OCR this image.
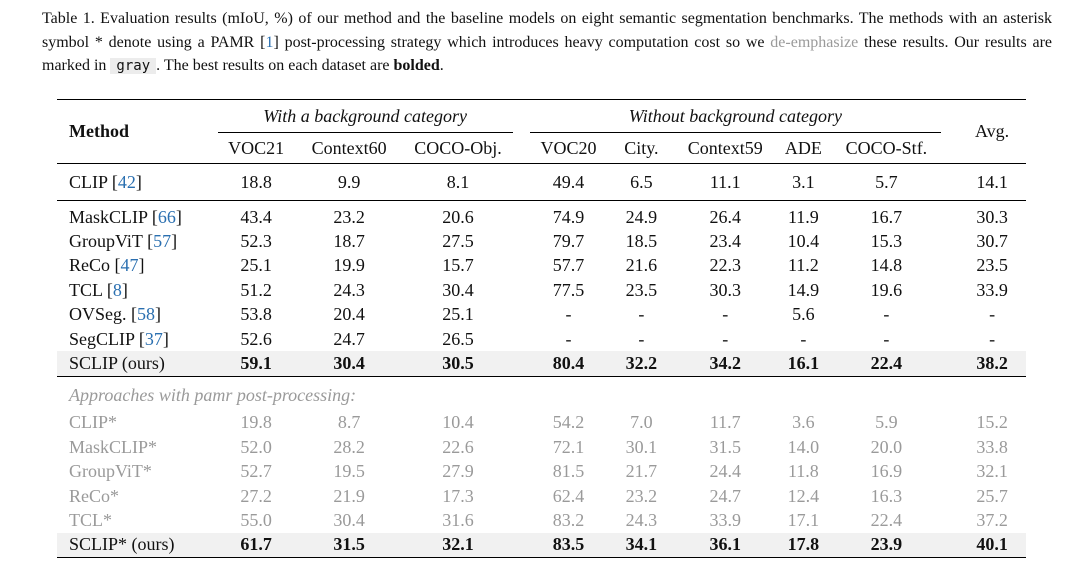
Table 1. Evaluation results (mIoU, %) of our method and the baseline models on eight semantic segmentation benchmarks. The methods with an asterisk symbol * denote using a PAMR [1] post-processing strategy which introduces heavy computation cost so we de-emphasize these results. Our results are marked in gray . The best results on each dataset are bolded.
Method	With a background category				Without background category						Avg.
	VOC21	Context60	COCO-Obj.		VOC20	City.	Context59	ADE	COCO-Stf.		
CLIP [42]	18.8	9.9	8.1		49.4	6.5	11.1	3.1	5.7		14.1

MaskCLIP [66]	43.4	23.2	20.6		74.9	24.9	26.4	11.9	16.7		30.3
GroupViT [57]	52.3	18.7	27.5		79.7	18.5	23.4	10.4	15.3		30.7
ReCo [47]	25.1	19.9	15.7		57.7	21.6	22.3	11.2	14.8		23.5
TCL [8]	51.2	24.3	30.4		77.5	23.5	30.3	14.9	19.6		33.9
OVSeg. [58]	53.8	20.4	25.1		-	-	-	5.6	-		-
SegCLIP [37]	52.6	24.7	26.5		-	-	-	-	-		-
SCLIP (ours)	59.1	30.4	30.5		80.4	32.2	34.2	16.1	22.4		38.2

Approaches with pamr post-processing:											
CLIP*	19.8	8.7	10.4		54.2	7.0	11.7	3.6	5.9		15.2
MaskCLIP*	52.0	28.2	22.6		72.1	30.1	31.5	14.0	20.0		33.8
GroupViT*	52.7	19.5	27.9		81.5	21.7	24.4	11.8	16.9		32.1
ReCo*	27.2	21.9	17.3		62.4	23.2	24.7	12.4	16.3		25.7
TCL*	55.0	30.4	31.6		83.2	24.3	33.9	17.1	22.4		37.2
SCLIP* (ours)	61.7	31.5	32.1		83.5	34.1	36.1	17.8	23.9		40.1
